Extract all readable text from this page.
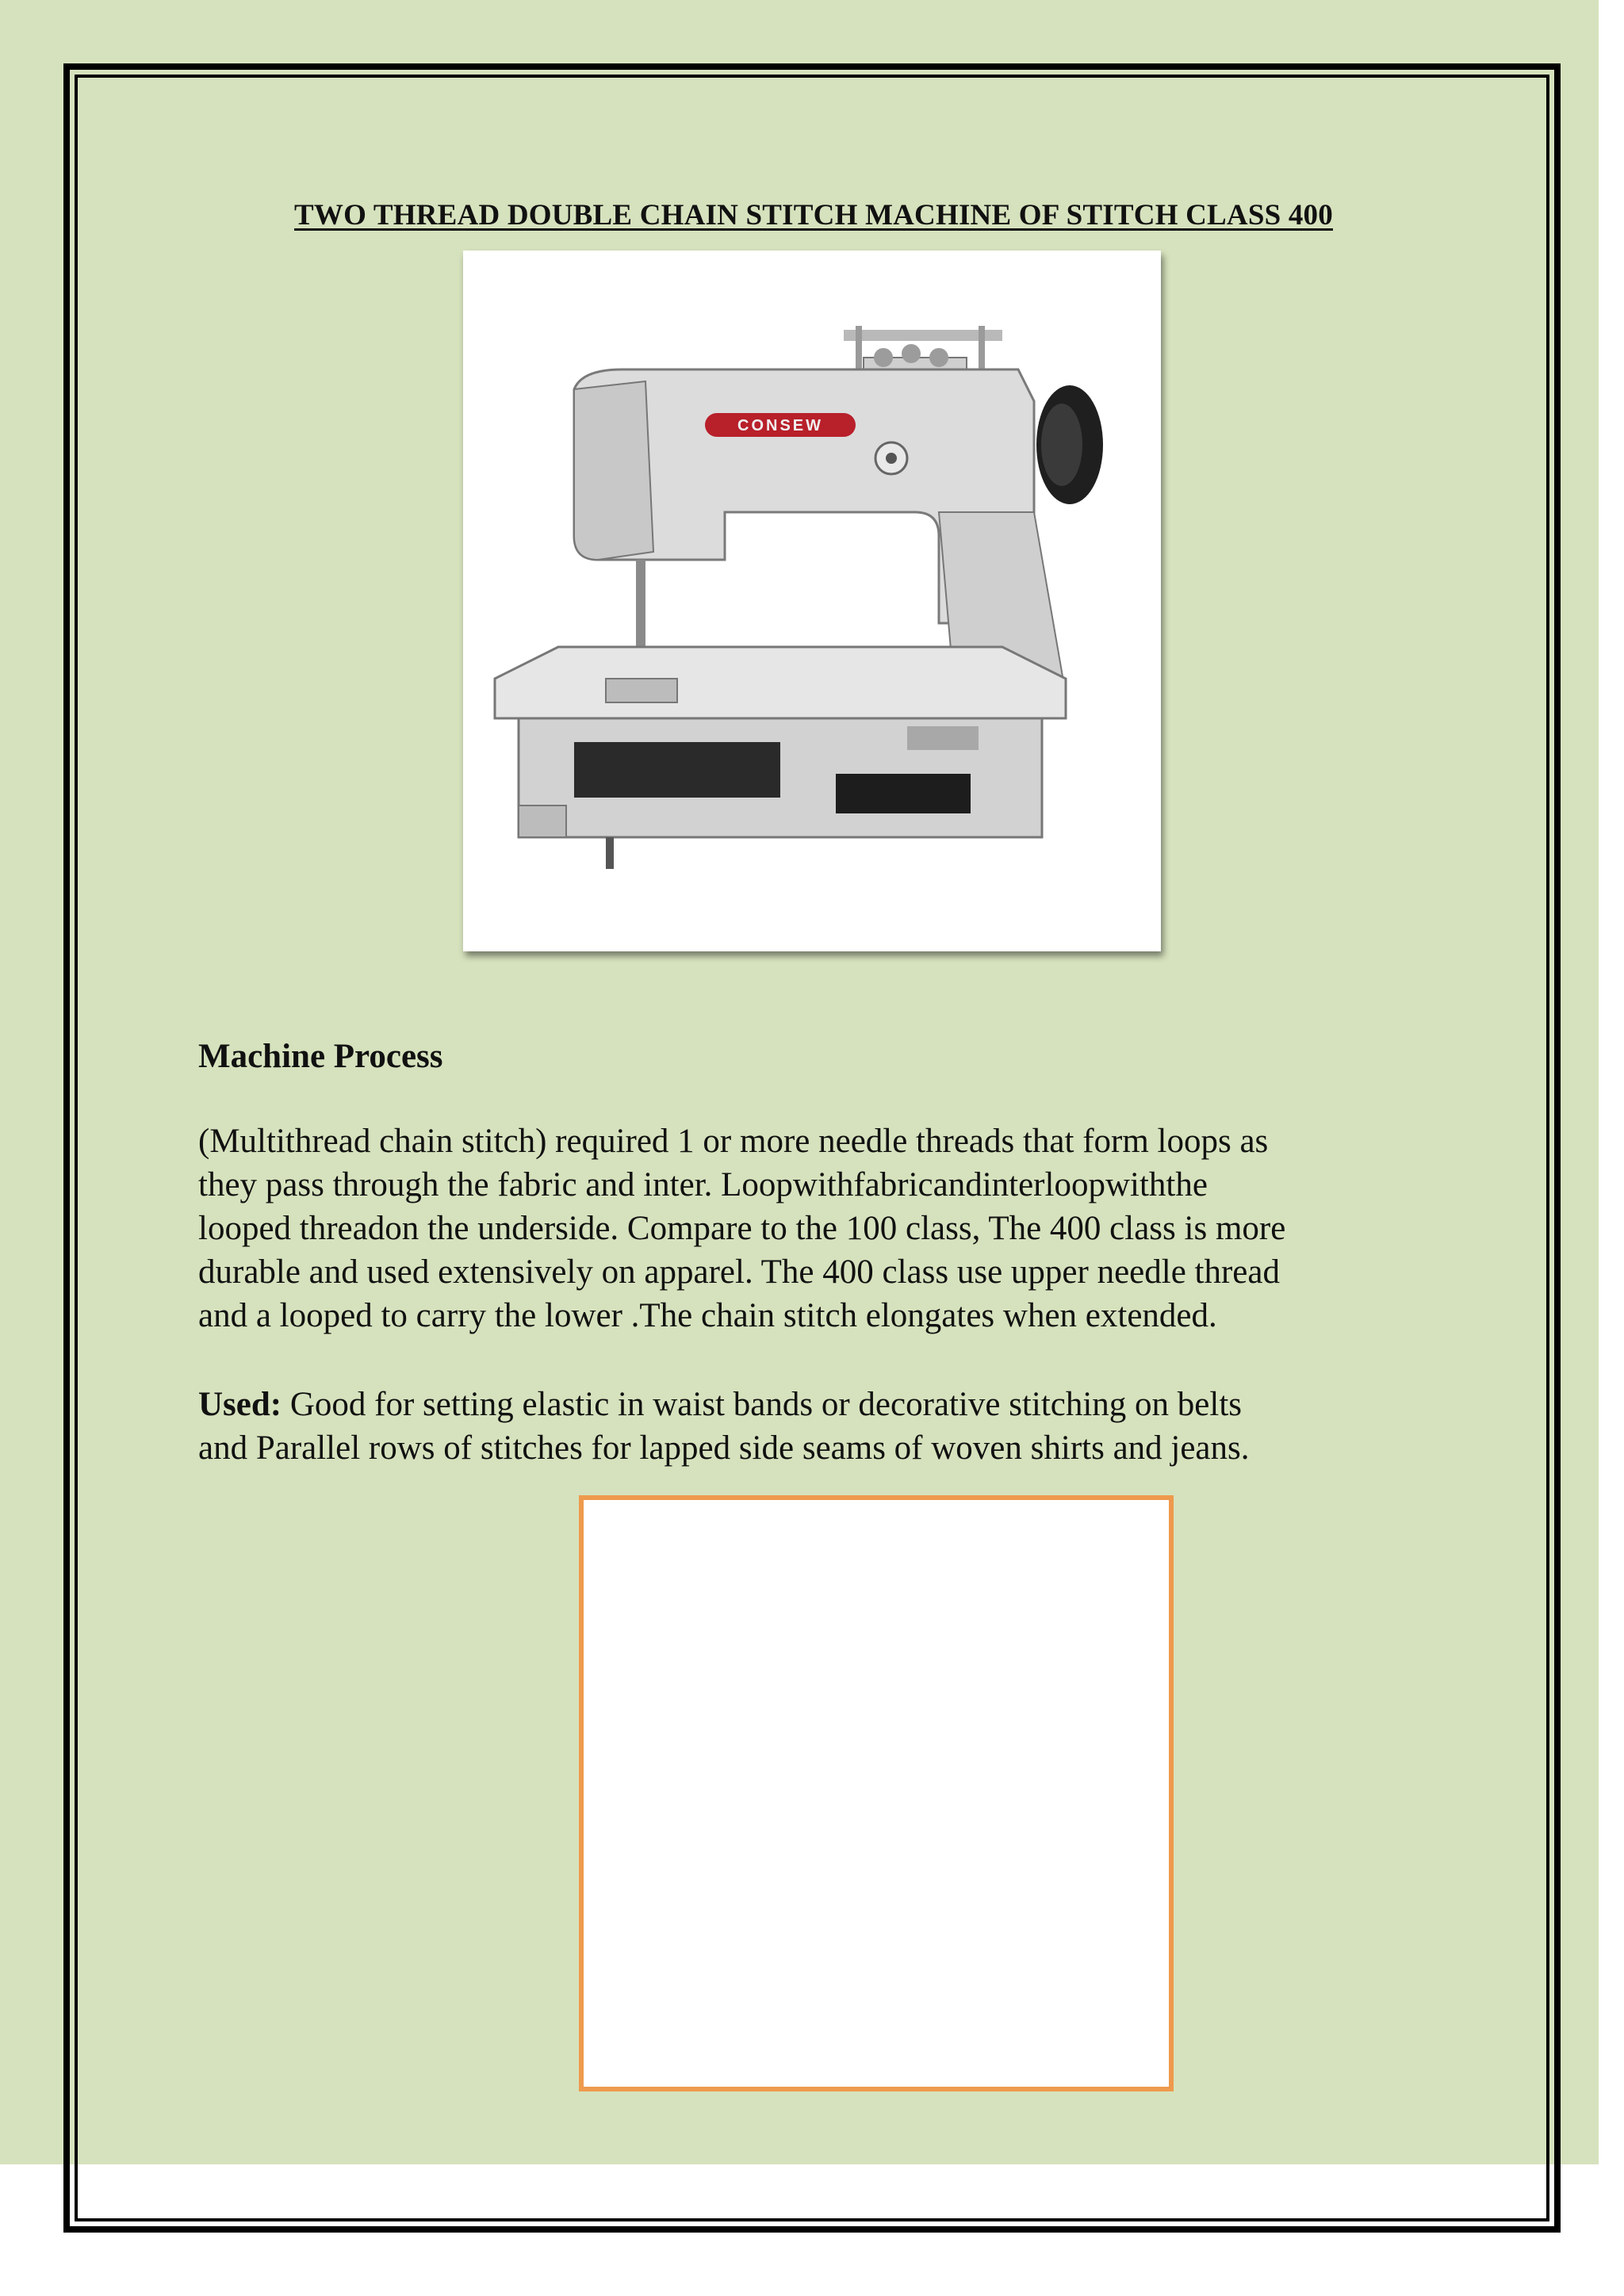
TWO THREAD DOUBLE CHAIN STITCH MACHINE OF STITCH CLASS 400
CONSEW
Machine Process
(Multithread chain stitch) required 1 or more needle threads that form loops as
they pass through the fabric and inter. Loopwithfabricandinterloopwiththe
looped threadon the underside. Compare to the 100 class, The 400 class is more
durable and used extensively on apparel. The 400 class use upper needle thread
and a looped to carry the lower .The chain stitch elongates when extended.
Used: Good for setting elastic in waist bands or decorative stitching on belts
and Parallel rows of stitches for lapped side seams of woven shirts and jeans.
